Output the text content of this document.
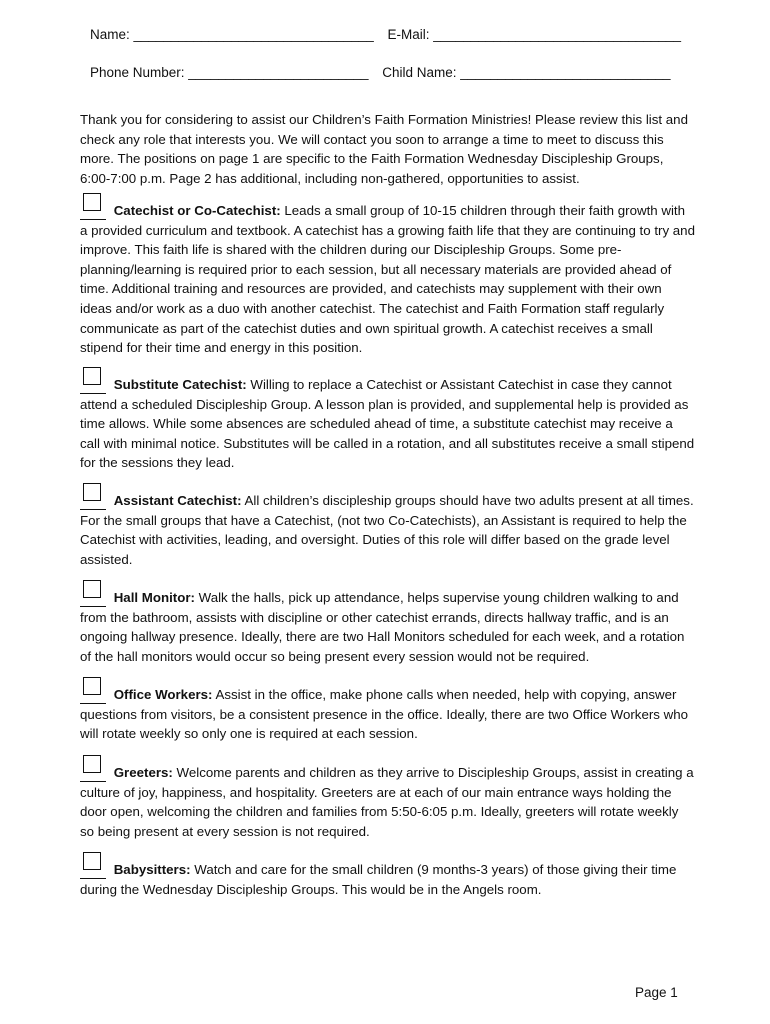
Name: ________________________________ E-Mail: _________________________________
Phone Number: ________________________ Child Name: ____________________________

Thank you for considering to assist our Children’s Faith Formation Ministries! Please review this list and check any role that interests you. We will contact you soon to arrange a time to meet to discuss this more. The positions on page 1 are specific to the Faith Formation Wednesday Discipleship Groups, 6:00-7:00 p.m. Page 2 has additional, including non-gathered, opportunities to assist.

Catechist or Co-Catechist: Leads a small group of 10-15 children through their faith growth with a provided curriculum and textbook. A catechist has a growing faith life that they are continuing to try and improve. This faith life is shared with the children during our Discipleship Groups. Some pre-planning/learning is required prior to each session, but all necessary materials are provided ahead of time. Additional training and resources are provided, and catechists may supplement with their own ideas and/or work as a duo with another catechist. The catechist and Faith Formation staff regularly communicate as part of the catechist duties and own spiritual growth. A catechist receives a small stipend for their time and energy in this position.
Substitute Catechist: Willing to replace a Catechist or Assistant Catechist in case they cannot attend a scheduled Discipleship Group. A lesson plan is provided, and supplemental help is provided as time allows. While some absences are scheduled ahead of time, a substitute catechist may receive a call with minimal notice. Substitutes will be called in a rotation, and all substitutes receive a small stipend for the sessions they lead.
Assistant Catechist: All children’s discipleship groups should have two adults present at all times. For the small groups that have a Catechist, (not two Co-Catechists), an Assistant is required to help the Catechist with activities, leading, and oversight. Duties of this role will differ based on the grade level assisted.
Hall Monitor: Walk the halls, pick up attendance, helps supervise young children walking to and from the bathroom, assists with discipline or other catechist errands, directs hallway traffic, and is an ongoing hallway presence. Ideally, there are two Hall Monitors scheduled for each week, and a rotation of the hall monitors would occur so being present every session would not be required.
Office Workers: Assist in the office, make phone calls when needed, help with copying, answer questions from visitors, be a consistent presence in the office. Ideally, there are two Office Workers who will rotate weekly so only one is required at each session.
Greeters: Welcome parents and children as they arrive to Discipleship Groups, assist in creating a culture of joy, happiness, and hospitality. Greeters are at each of our main entrance ways holding the door open, welcoming the children and families from 5:50-6:05 p.m. Ideally, greeters will rotate weekly so being present at every session is not required.
Babysitters: Watch and care for the small children (9 months-3 years) of those giving their time during the Wednesday Discipleship Groups. This would be in the Angels room.
Page 1
